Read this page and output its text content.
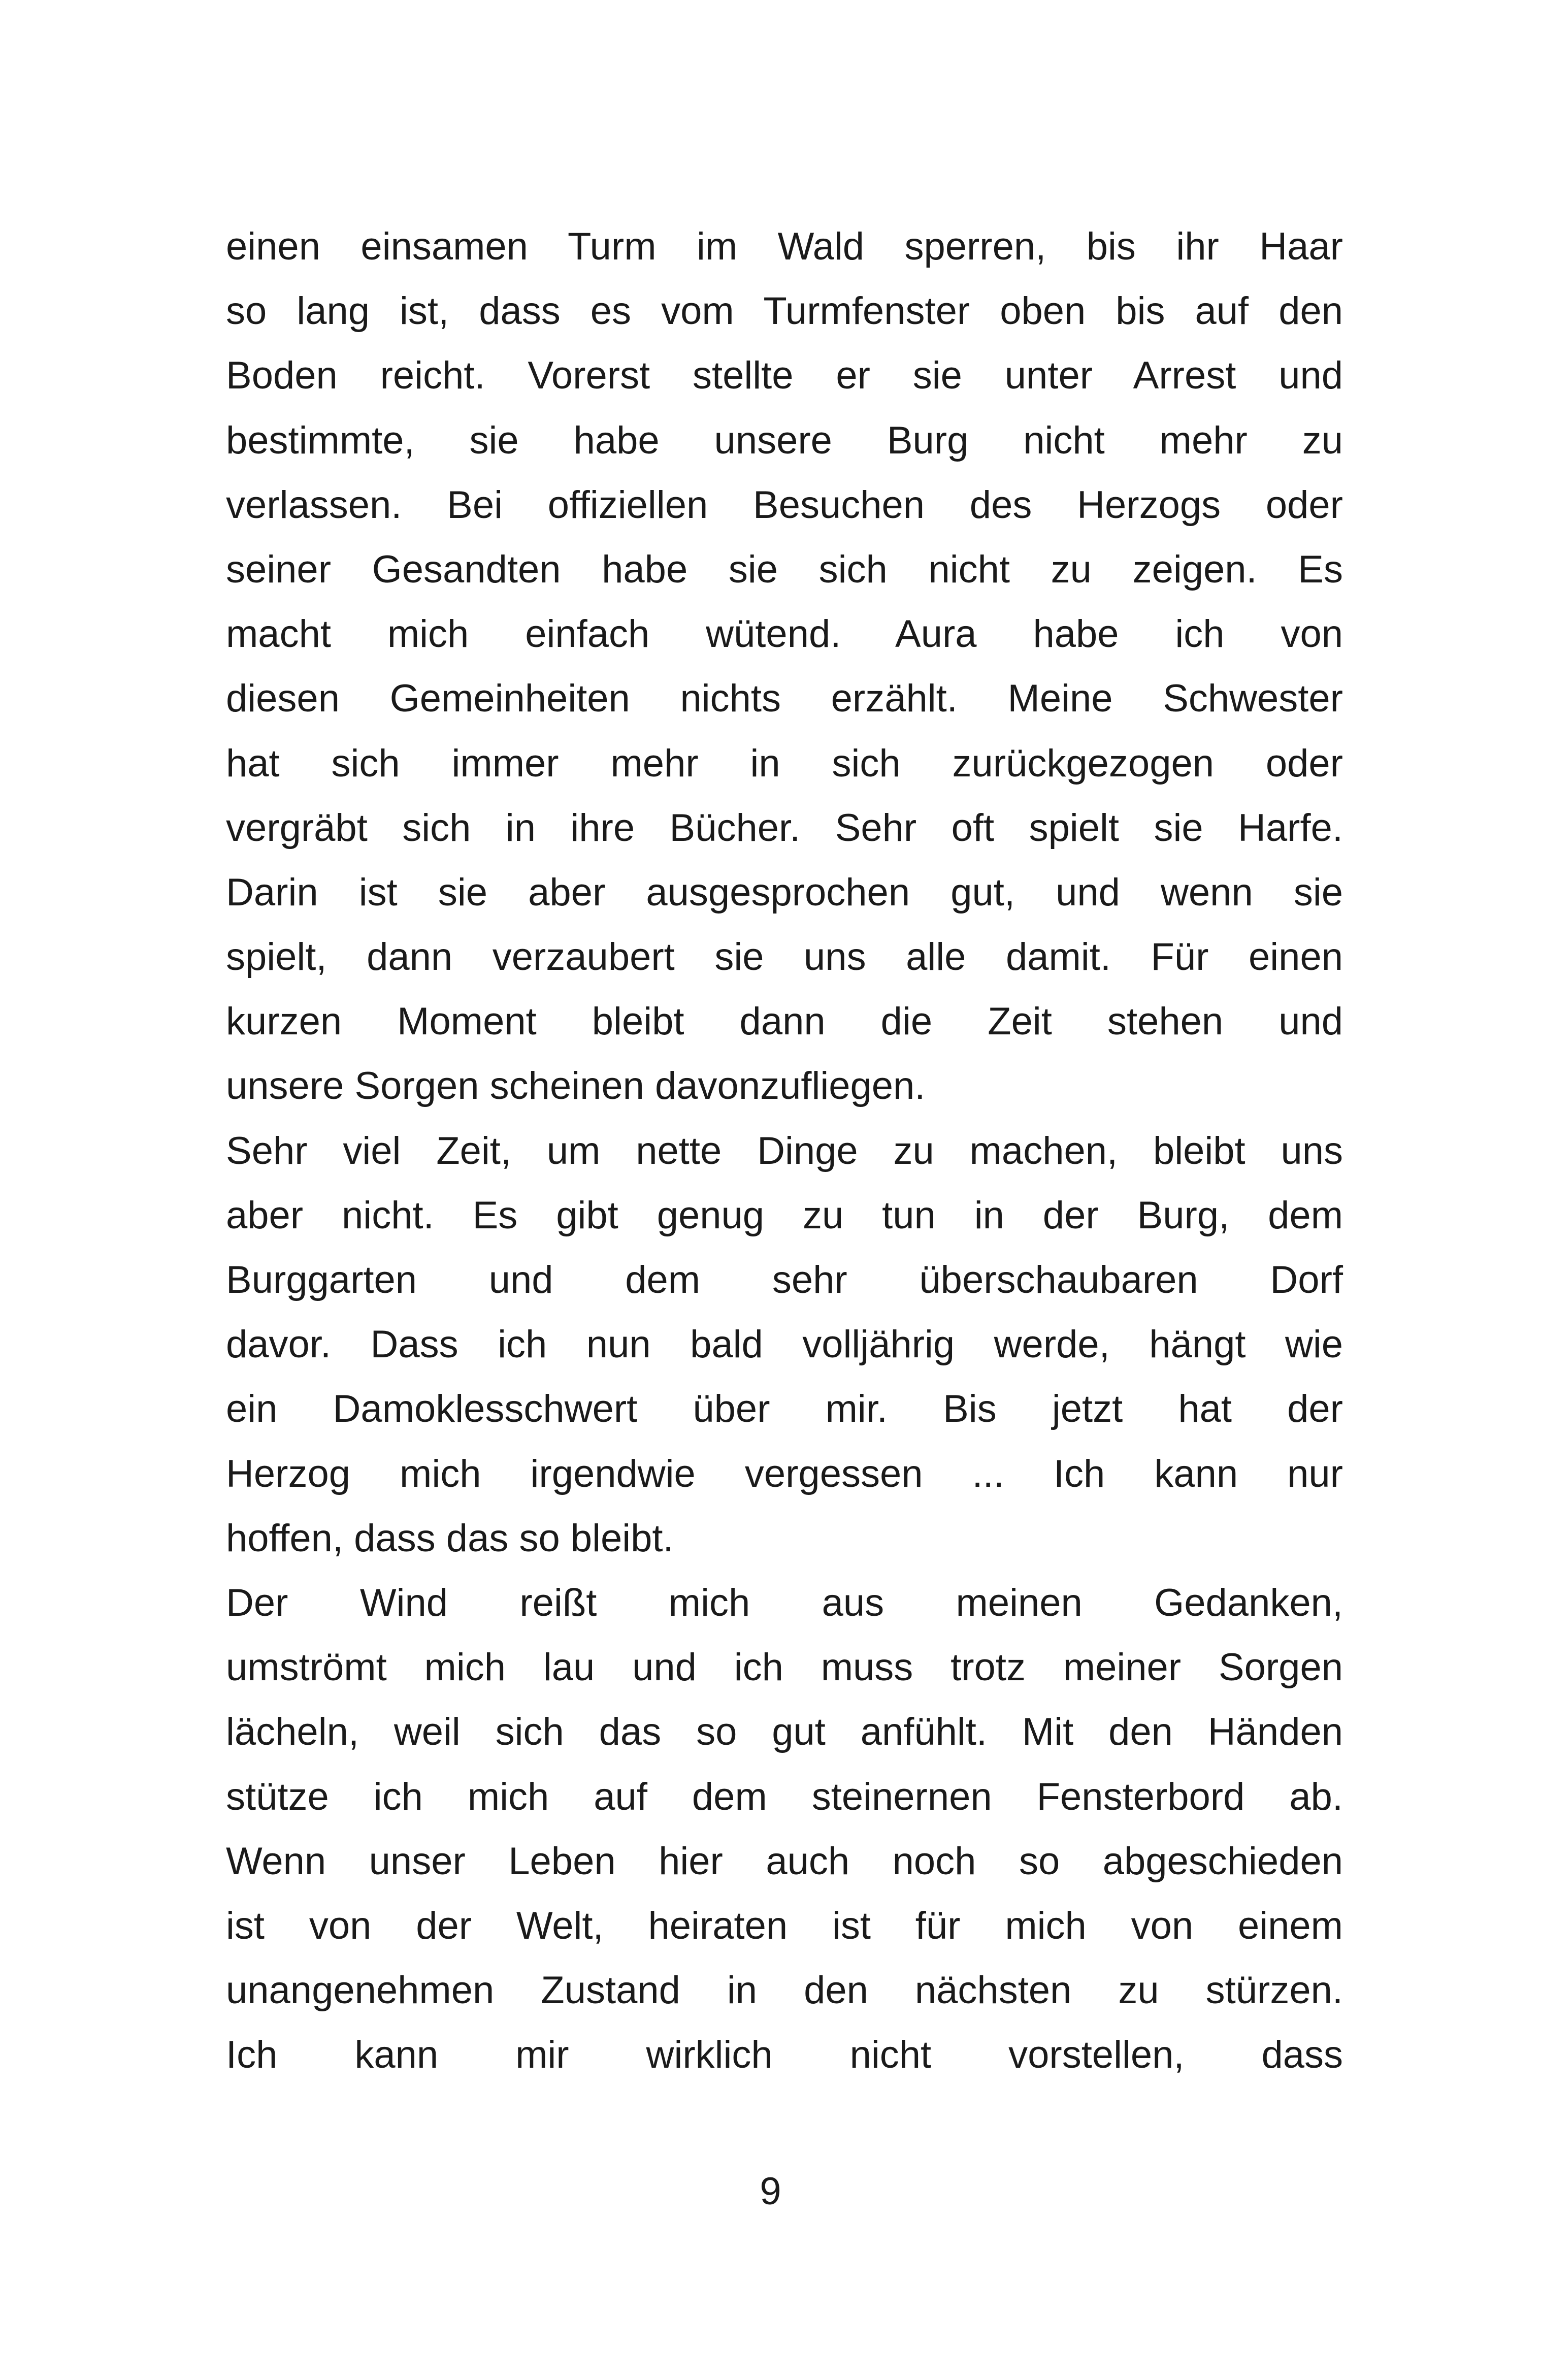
einen einsamen Turm im Wald sperren, bis ihr Haar
so lang ist, dass es vom Turmfenster oben bis auf den
Boden reicht. Vorerst stellte er sie unter Arrest und
bestimmte, sie habe unsere Burg nicht mehr zu
verlassen. Bei offiziellen Besuchen des Herzogs oder
seiner Gesandten habe sie sich nicht zu zeigen. Es
macht mich einfach wütend. Aura habe ich von
diesen Gemeinheiten nichts erzählt. Meine Schwester
hat sich immer mehr in sich zurückgezogen oder
vergräbt sich in ihre Bücher. Sehr oft spielt sie Harfe.
Darin ist sie aber ausgesprochen gut, und wenn sie
spielt, dann verzaubert sie uns alle damit. Für einen
kurzen Moment bleibt dann die Zeit stehen und
unsere Sorgen scheinen davonzufliegen.
Sehr viel Zeit, um nette Dinge zu machen, bleibt uns
aber nicht. Es gibt genug zu tun in der Burg, dem
Burggarten und dem sehr überschaubaren Dorf
davor. Dass ich nun bald volljährig werde, hängt wie
ein Damoklesschwert über mir. Bis jetzt hat der
Herzog mich irgendwie vergessen ... Ich kann nur
hoffen, dass das so bleibt.
Der Wind reißt mich aus meinen Gedanken,
umströmt mich lau und ich muss trotz meiner Sorgen
lächeln, weil sich das so gut anfühlt. Mit den Händen
stütze ich mich auf dem steinernen Fensterbord ab.
Wenn unser Leben hier auch noch so abgeschieden
ist von der Welt, heiraten ist für mich von einem
unangenehmen Zustand in den nächsten zu stürzen.
Ich kann mir wirklich nicht vorstellen, dass
9
